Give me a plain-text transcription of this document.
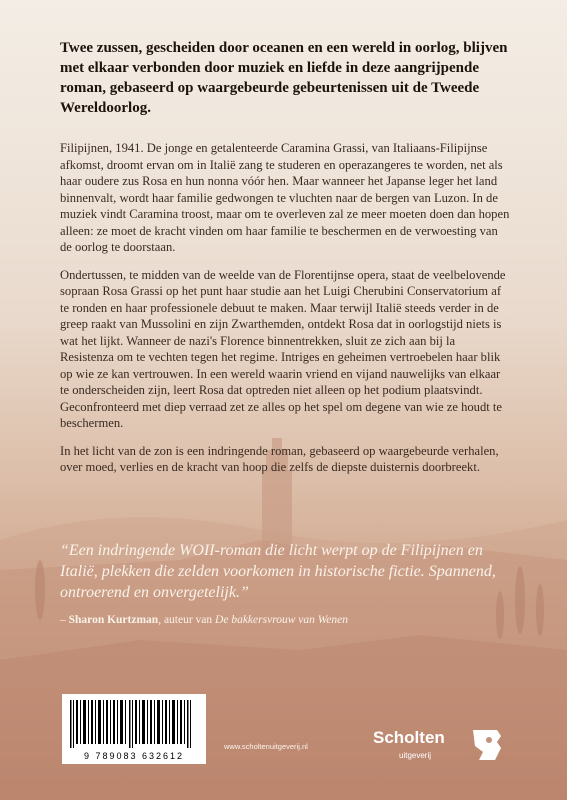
Twee zussen, gescheiden door oceanen en een wereld in oorlog, blijven met elkaar verbonden door muziek en liefde in deze aangrijpende roman, gebaseerd op waargebeurde gebeurtenissen uit de Tweede Wereldoorlog.

Filipijnen, 1941. De jonge en getalenteerde Caramina Grassi, van Italiaans-Filipijnse afkomst, droomt ervan om in Italië zang te studeren en operazangeres te worden, net als haar oudere zus Rosa en hun nonna vóór hen. Maar wanneer het Japanse leger het land binnenvalt, wordt haar familie gedwongen te vluchten naar de bergen van Luzon. In de muziek vindt Caramina troost, maar om te overleven zal ze meer moeten doen dan hopen alleen: ze moet de kracht vinden om haar familie te beschermen en de verwoesting van de oorlog te doorstaan.

Ondertussen, te midden van de weelde van de Florentijnse opera, staat de veelbelovende sopraan Rosa Grassi op het punt haar studie aan het Luigi Cherubini Conservatorium af te ronden en haar professionele debuut te maken. Maar terwijl Italië steeds verder in de greep raakt van Mussolini en zijn Zwarthemden, ontdekt Rosa dat in oorlogstijd niets is wat het lijkt. Wanneer de nazi's Florence binnentrekken, sluit ze zich aan bij la Resistenza om te vechten tegen het regime. Intriges en geheimen vertroebelen haar blik op wie ze kan vertrouwen. In een wereld waarin vriend en vijand nauwelijks van elkaar te onderscheiden zijn, leert Rosa dat optreden niet alleen op het podium plaatsvindt. Geconfronteerd met diep verraad zet ze alles op het spel om degene van wie ze houdt te beschermen.

In het licht van de zon is een indringende roman, gebaseerd op waargebeurde verhalen, over moed, verlies en de kracht van hoop die zelfs de diepste duisternis doorbreekt.

“Een indringende WOII-roman die licht werpt op de Filipijnen en Italië, plekken die zelden voorkomen in historische fictie. Spannend, ontroerend en onvergetelijk.”
– Sharon Kurtzman, auteur van De bakkersvrouw van Wenen
9 789083 632612
www.scholtenuitgeverij.nl	Scholten
uitgeverij
